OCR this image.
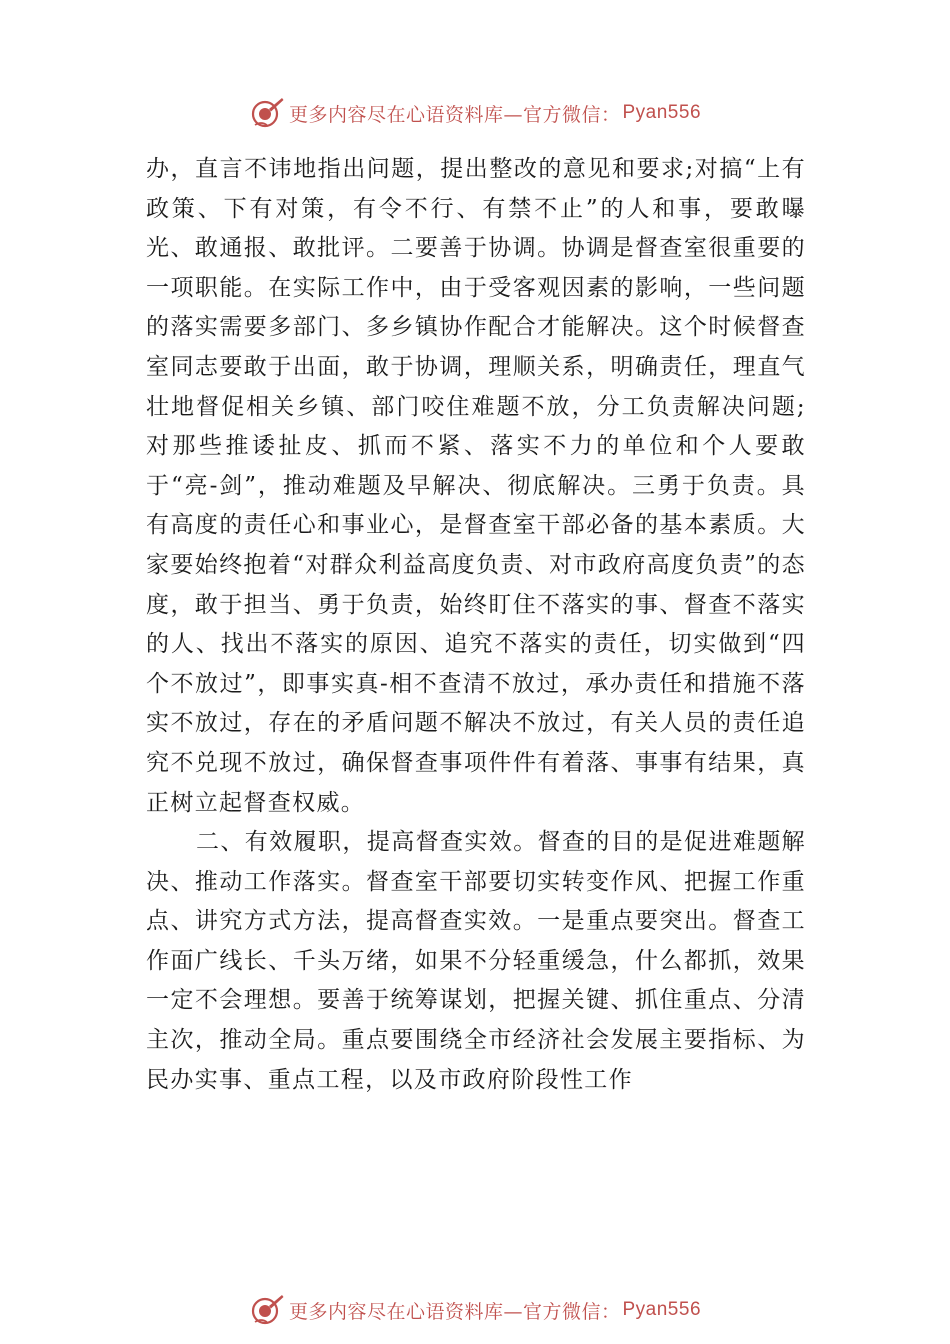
更多内容尽在心语资料库—官方微信： Pyan556

办，直言不讳地指出问题，提出整改的意见和要求;对搞“上有政策、下有对策，有令不行、有禁不止”的人和事，要敢曝光、敢通报、敢批评。二要善于协调。协调是督查室很重要的一项职能。在实际工作中，由于受客观因素的影响，一些问题的落实需要多部门、多乡镇协作配合才能解决。这个时候督查室同志要敢于出面，敢于协调，理顺关系，明确责任，理直气壮地督促相关乡镇、部门咬住难题不放，分工负责解决问题;对那些推诿扯皮、抓而不紧、落实不力的单位和个人要敢于“亮-剑”，推动难题及早解决、彻底解决。三勇于负责。具有高度的责任心和事业心，是督查室干部必备的基本素质。大家要始终抱着“对群众利益高度负责、对市政府高度负责”的态度，敢于担当、勇于负责，始终盯住不落实的事、督查不落实的人、找出不落实的原因、追究不落实的责任，切实做到“四个不放过”，即事实真-相不查清不放过，承办责任和措施不落实不放过，存在的矛盾问题不解决不放过，有关人员的责任追究不兑现不放过，确保督查事项件件有着落、事事有结果，真正树立起督查权威。

二、有效履职，提高督查实效。督查的目的是促进难题解决、推动工作落实。督查室干部要切实转变作风、把握工作重点、讲究方式方法，提高督查实效。一是重点要突出。督查工作面广线长、千头万绪，如果不分轻重缓急，什么都抓，效果一定不会理想。要善于统筹谋划，把握关键、抓住重点、分清主次，推动全局。重点要围绕全市经济社会发展主要指标、为民办实事、重点工程，以及市政府阶段性工作

更多内容尽在心语资料库—官方微信： Pyan556
